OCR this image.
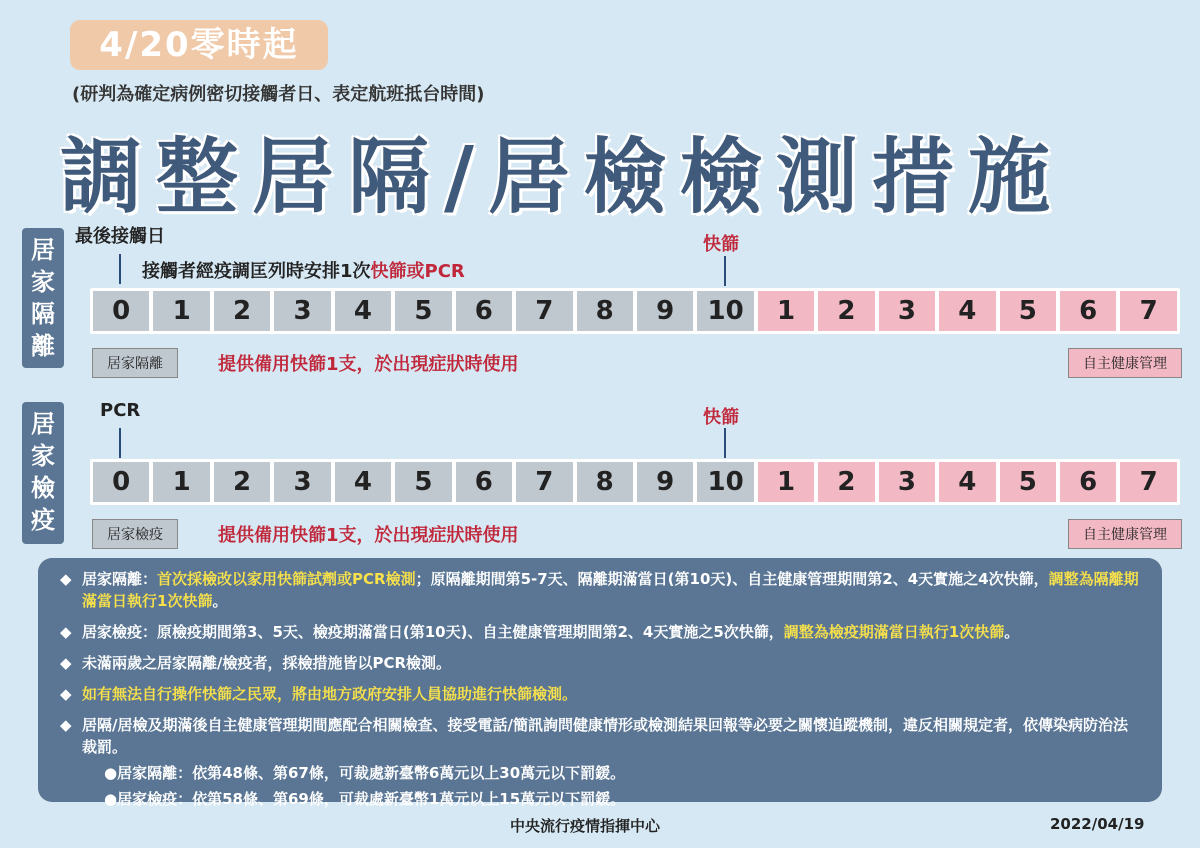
4/20零時起
(研判為確定病例密切接觸者日、表定航班抵台時間)
調整居隔/居檢檢測措施
居
家
隔
離
最後接觸日
接觸者經疫調匡列時安排1次快篩或PCR
快篩
0	1	2	3	4	5	6	7	8	9	10	1	2	3	4	5	6	7
居家隔離	提供備用快篩1支，於出現症狀時使用	自主健康管理
居
家
檢
疫
PCR	快篩
0	1	2	3	4	5	6	7	8	9	10	1	2	3	4	5	6	7
居家檢疫	提供備用快篩1支，於出現症狀時使用	自主健康管理
◆ 居家隔離：首次採檢改以家用快篩試劑或PCR檢測；原隔離期間第5-7天、隔離期滿當日(第10天)、自主健康管理期間第2、4天實施之4次快篩，調整為隔離期滿當日執行1次快篩。
◆ 居家檢疫：原檢疫期間第3、5天、檢疫期滿當日(第10天)、自主健康管理期間第2、4天實施之5次快篩，調整為檢疫期滿當日執行1次快篩。
◆ 未滿兩歲之居家隔離/檢疫者，採檢措施皆以PCR檢測。
◆ 如有無法自行操作快篩之民眾，將由地方政府安排人員協助進行快篩檢測。
◆ 居隔/居檢及期滿後自主健康管理期間應配合相關檢查、接受電話/簡訊詢問健康情形或檢測結果回報等必要之關懷追蹤機制，違反相關規定者，依傳染病防治法裁罰。
●居家隔離：依第48條、第67條，可裁處新臺幣6萬元以上30萬元以下罰鍰。
●居家檢疫：依第58條、第69條，可裁處新臺幣1萬元以上15萬元以下罰鍰。
中央流行疫情指揮中心	2022/04/19
